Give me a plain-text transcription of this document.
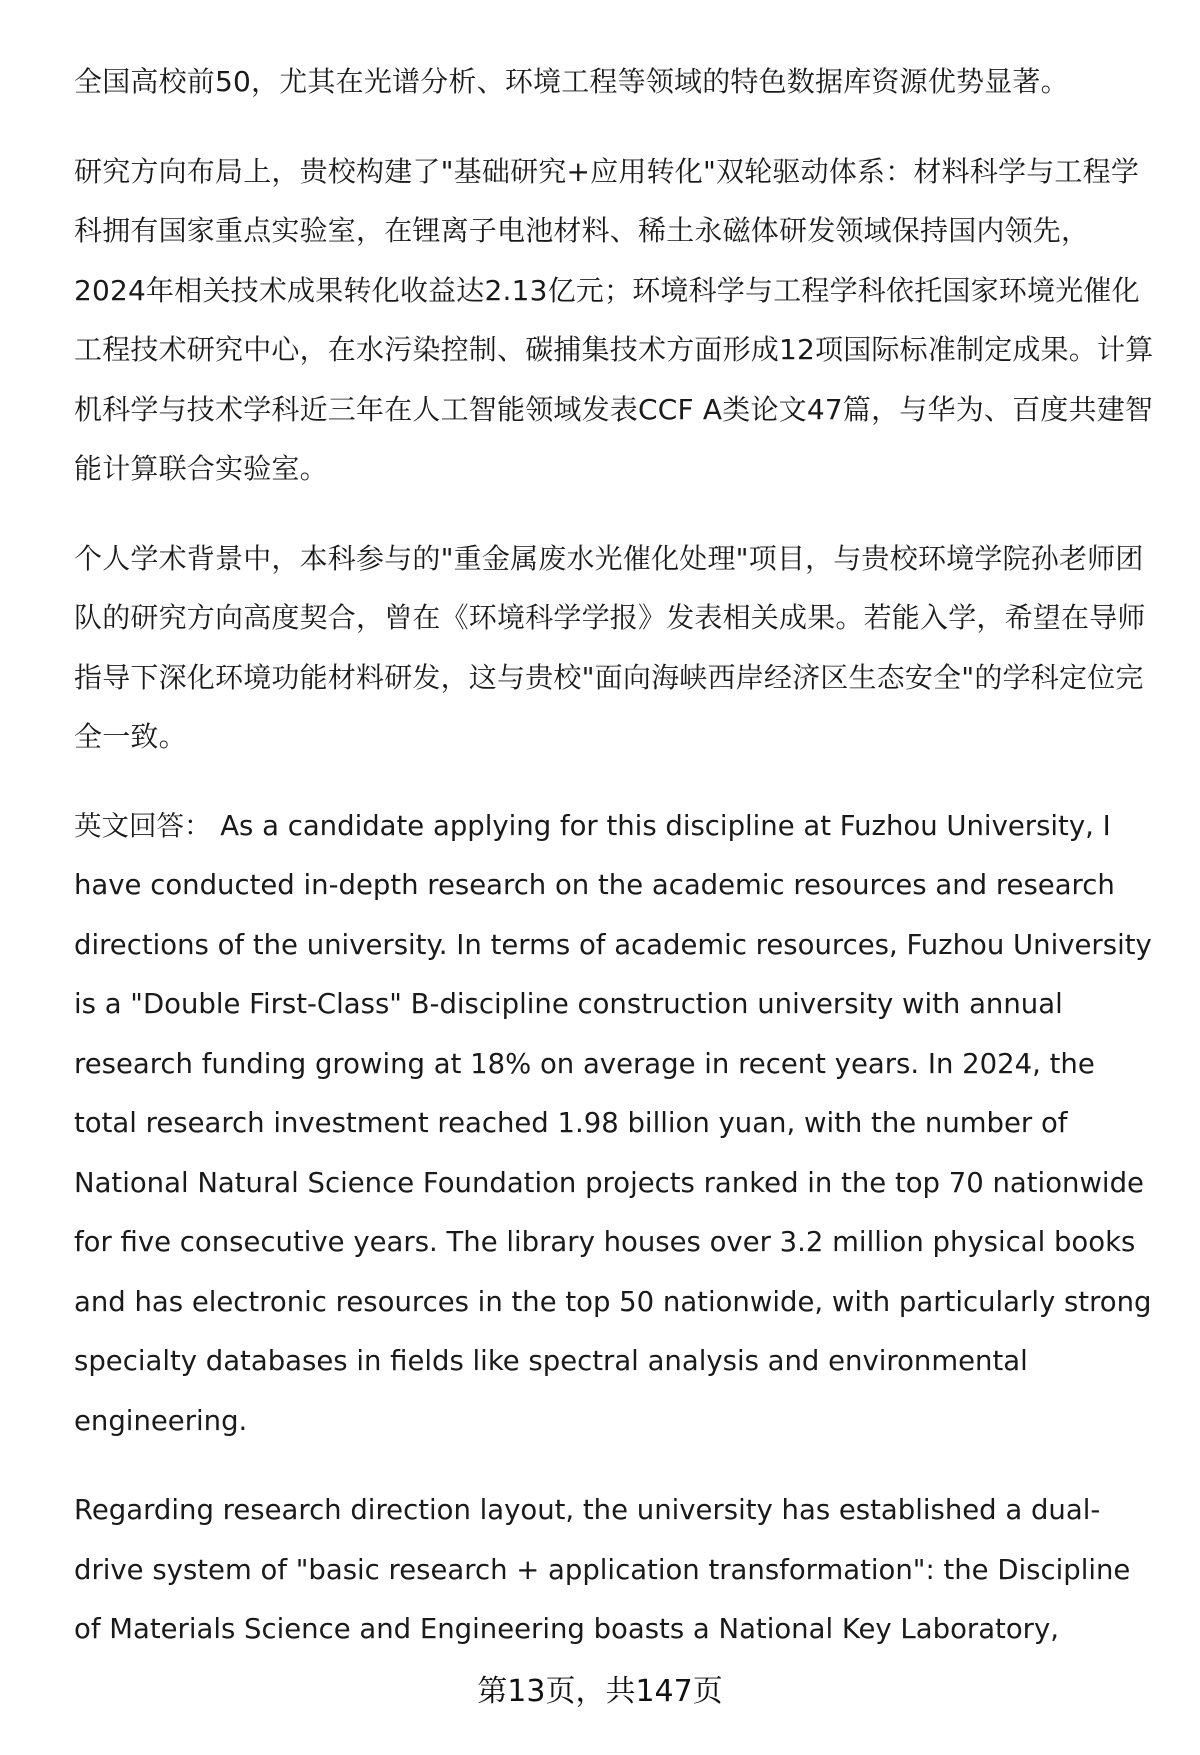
全国高校前50，尤其在光谱分析、环境工程等领域的特色数据库资源优势显著。

研究方向布局上，贵校构建了"基础研究+应用转化"双轮驱动体系：材料科学与工程学科拥有国家重点实验室，在锂离子电池材料、稀土永磁体研发领域保持国内领先，2024年相关技术成果转化收益达2.13亿元；环境科学与工程学科依托国家环境光催化工程技术研究中心，在水污染控制、碳捕集技术方面形成12项国际标准制定成果。计算机科学与技术学科近三年在人工智能领域发表CCF A类论文47篇，与华为、百度共建智能计算联合实验室。

个人学术背景中，本科参与的"重金属废水光催化处理"项目，与贵校环境学院孙老师团队的研究方向高度契合，曾在《环境科学学报》发表相关成果。若能入学，希望在导师指导下深化环境功能材料研发，这与贵校"面向海峡西岸经济区生态安全"的学科定位完全一致。

英文回答： As a candidate applying for this discipline at Fuzhou University, I have conducted in-depth research on the academic resources and research directions of the university. In terms of academic resources, Fuzhou University is a "Double First-Class" B-discipline construction university with annual research funding growing at 18% on average in recent years. In 2024, the total research investment reached 1.98 billion yuan, with the number of National Natural Science Foundation projects ranked in the top 70 nationwide for five consecutive years. The library houses over 3.2 million physical books and has electronic resources in the top 50 nationwide, with particularly strong specialty databases in fields like spectral analysis and environmental engineering.

Regarding research direction layout, the university has established a dual-drive system of "basic research + application transformation": the Discipline of Materials Science and Engineering boasts a National Key Laboratory,

第13页，共147页
